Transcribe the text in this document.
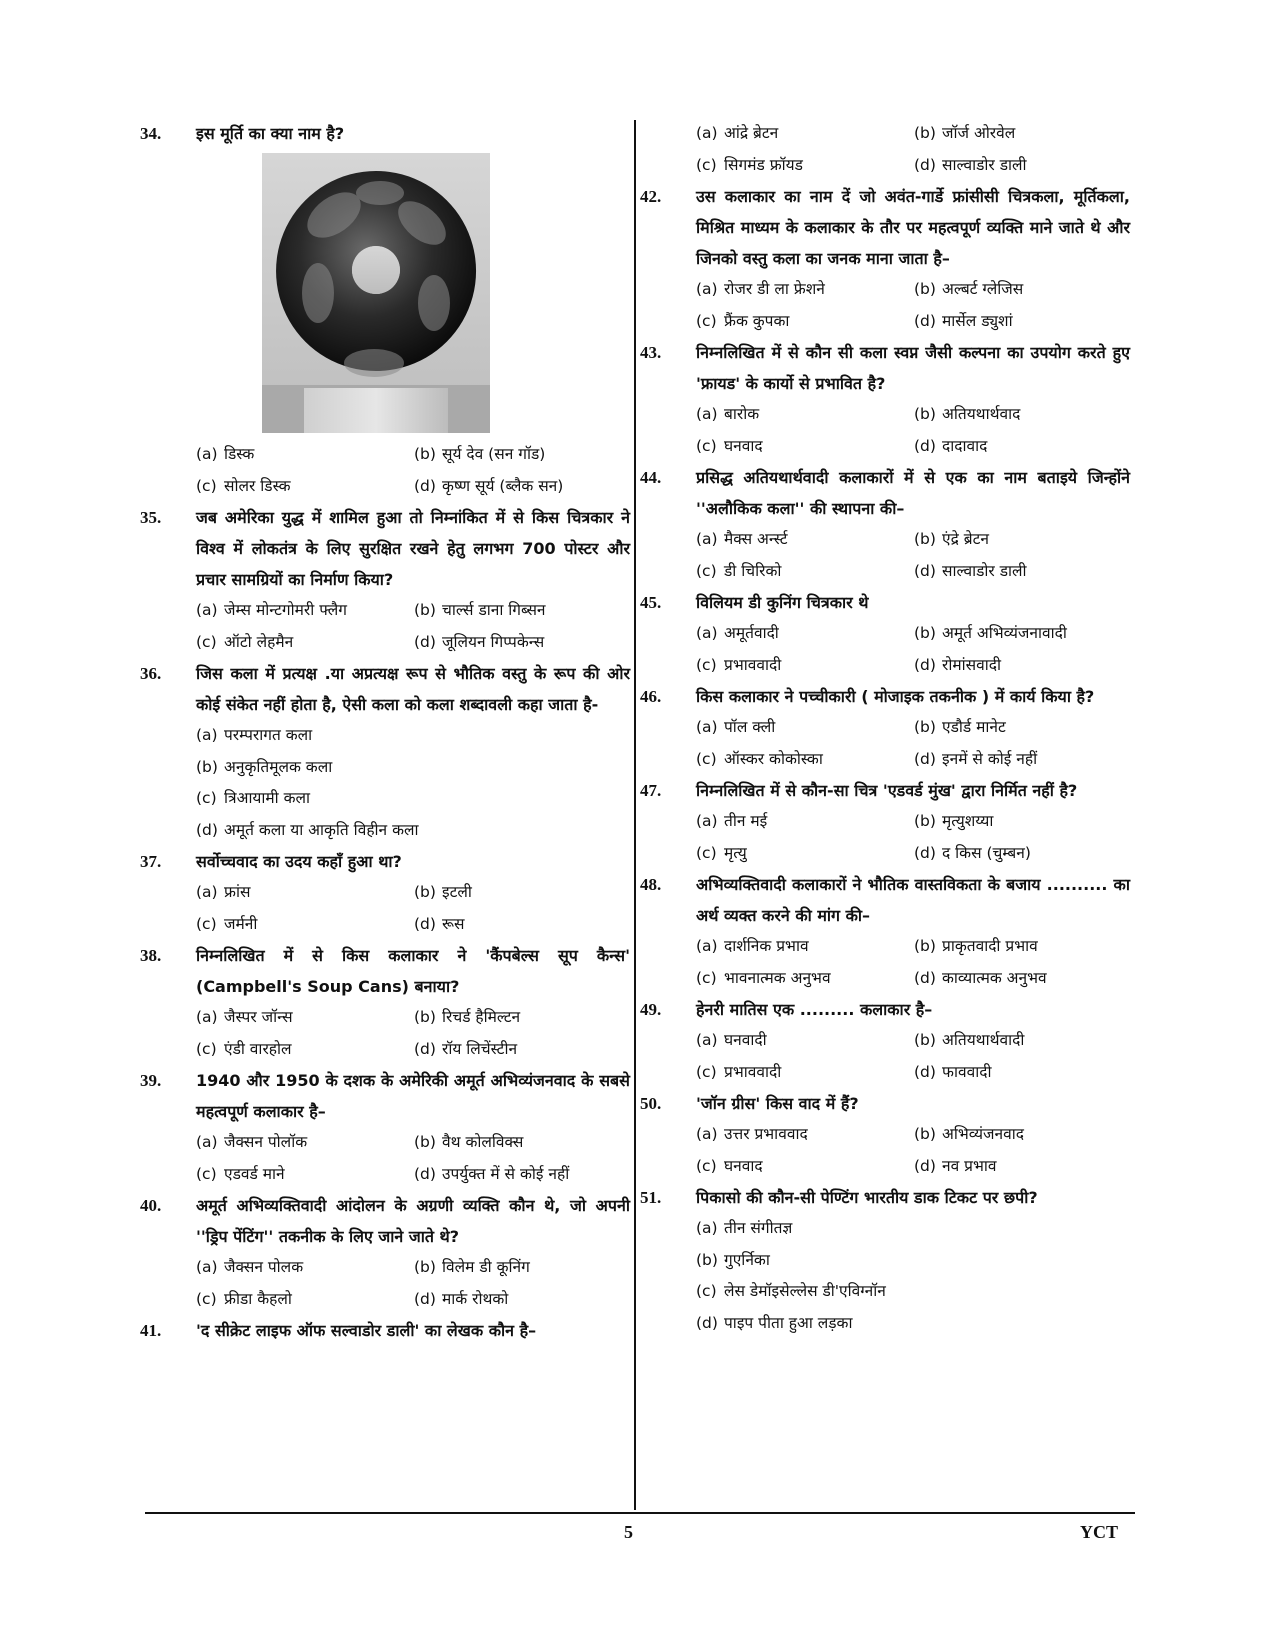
34.	इस मूर्ति का क्या नाम है?
(a) डिस्क	(b) सूर्य देव (सन गॉड)
(c) सोलर डिस्क	(d) कृष्ण सूर्य (ब्लैक सन)
35.	जब अमेरिका युद्ध में शामिल हुआ तो निम्नांकित में से किस चित्रकार ने विश्व में लोकतंत्र के लिए सुरक्षित रखने हेतु लगभग 700 पोस्टर और प्रचार सामग्रियों का निर्माण किया?
(a) जेम्स मोन्टगोमरी फ्लैग	(b) चार्ल्स डाना गिब्सन
(c) ऑटो लेहमैन	(d) जूलियन गिप्पकेन्स
36.	जिस कला में प्रत्यक्ष .या अप्रत्यक्ष रूप से भौतिक वस्तु के रूप की ओर कोई संकेत नहीं होता है, ऐसी कला को कला शब्दावली कहा जाता है-
(a) परम्परागत कला
(b) अनुकृतिमूलक कला
(c) त्रिआयामी कला
(d) अमूर्त कला या आकृति विहीन कला
37.	सर्वोच्चवाद का उदय कहाँ हुआ था?
(a) फ्रांस	(b) इटली
(c) जर्मनी	(d) रूस
38.	निम्नलिखित में से किस कलाकार ने 'कैंपबेल्स सूप कैन्स' (Campbell's Soup Cans) बनाया?
(a) जैस्पर जॉन्स	(b) रिचर्ड हैमिल्टन
(c) एंडी वारहोल	(d) रॉय लिचेंस्टीन
39.	1940 और 1950 के दशक के अमेरिकी अमूर्त अभिव्यंजनवाद के सबसे महत्वपूर्ण कलाकार है–
(a) जैक्सन पोलॉक	(b) वैथ कोलविक्स
(c) एडवर्ड माने	(d) उपर्युक्त में से कोई नहीं
40.	अमूर्त अभिव्यक्तिवादी आंदोलन के अग्रणी व्यक्ति कौन थे, जो अपनी ''ड्रिप पेंटिंग'' तकनीक के लिए जाने जाते थे?
(a) जैक्सन पोलक	(b) विलेम डी कूनिंग
(c) फ्रीडा कैहलो	(d) मार्क रोथको
41.	'द सीक्रेट लाइफ ऑफ सल्वाडोर डाली' का लेखक कौन है–
(a) आंद्रे ब्रेटन	(b) जॉर्ज ओरवेल
(c) सिगमंड फ्रॉयड	(d) साल्वाडोर डाली
42.	उस कलाकार का नाम दें जो अवंत-गार्डे फ्रांसीसी चित्रकला, मूर्तिकला, मिश्रित माध्यम के कलाकार के तौर पर महत्वपूर्ण व्यक्ति माने जाते थे और जिनको वस्तु कला का जनक माना जाता है–
(a) रोजर डी ला फ्रेशने	(b) अल्बर्ट ग्लेजिस
(c) फ्रैंक कुपका	(d) मार्सेल ड्युशां
43.	निम्नलिखित में से कौन सी कला स्वप्न जैसी कल्पना का उपयोग करते हुए 'फ्रायड' के कार्यो से प्रभावित है?
(a) बारोक	(b) अतियथार्थवाद
(c) घनवाद	(d) दादावाद
44.	प्रसिद्ध अतियथार्थवादी कलाकारों में से एक का नाम बताइये जिन्होंने ''अलौकिक कला'' की स्थापना की–
(a) मैक्स अर्न्स्ट	(b) एंद्रे ब्रेटन
(c) डी चिरिको	(d) साल्वाडोर डाली
45.	विलियम डी कुनिंग चित्रकार थे
(a) अमूर्तवादी	(b) अमूर्त अभिव्यंजनावादी
(c) प्रभाववादी	(d) रोमांसवादी
46.	किस कलाकार ने पच्चीकारी ( मोजाइक तकनीक ) में कार्य किया है?
(a) पॉल क्ली	(b) एडौर्ड मानेट
(c) ऑस्कर कोकोस्का	(d) इनमें से कोई नहीं
47.	निम्नलिखित में से कौन-सा चित्र 'एडवर्ड मुंख' द्वारा निर्मित नहीं है?
(a) तीन मई	(b) मृत्युशय्या
(c) मृत्यु	(d) द किस (चुम्बन)
48.	अभिव्यक्तिवादी कलाकारों ने भौतिक वास्तविकता के बजाय .......... का अर्थ व्यक्त करने की मांग की–
(a) दार्शनिक प्रभाव	(b) प्राकृतवादी प्रभाव
(c) भावनात्मक अनुभव	(d) काव्यात्मक अनुभव
49.	हेनरी मातिस एक ......... कलाकार है–
(a) घनवादी	(b) अतियथार्थवादी
(c) प्रभाववादी	(d) फाववादी
50.	'जॉन ग्रीस' किस वाद में हैं?
(a) उत्तर प्रभाववाद	(b) अभिव्यंजनवाद
(c) घनवाद	(d) नव प्रभाव
51.	पिकासो की कौन-सी पेण्टिंग भारतीय डाक टिकट पर छपी?
(a) तीन संगीतज्ञ
(b) गुएर्निका
(c) लेस डेमॉइसेल्लेस डी'एविग्नॉन
(d) पाइप पीता हुआ लड़का
5	YCT
